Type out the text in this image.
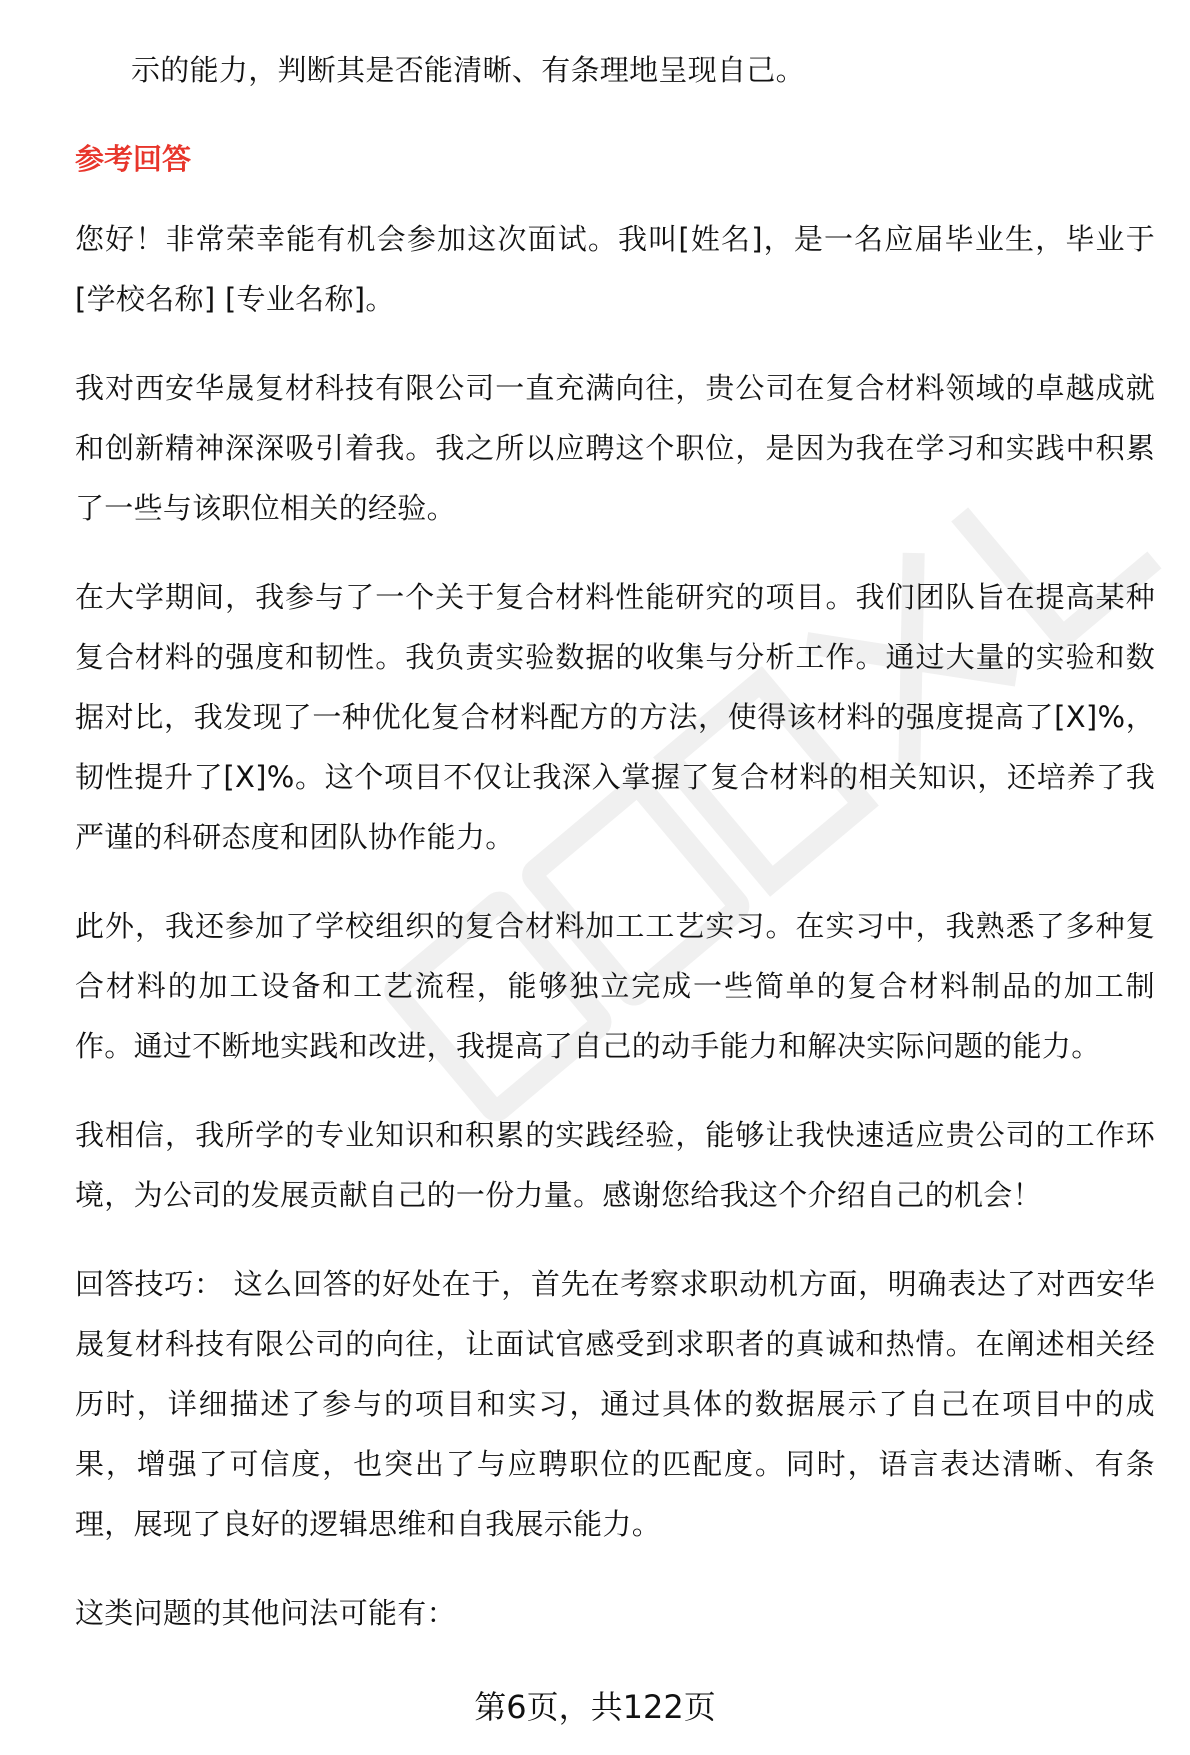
示的能力，判断其是否能清晰、有条理地呈现自己。

参考回答

您好！非常荣幸能有机会参加这次面试。我叫[姓名]，是一名应届毕业生，毕业于[学校名称] [专业名称]。

我对西安华晟复材科技有限公司一直充满向往，贵公司在复合材料领域的卓越成就和创新精神深深吸引着我。我之所以应聘这个职位，是因为我在学习和实践中积累了一些与该职位相关的经验。

在大学期间，我参与了一个关于复合材料性能研究的项目。我们团队旨在提高某种复合材料的强度和韧性。我负责实验数据的收集与分析工作。通过大量的实验和数据对比，我发现了一种优化复合材料配方的方法，使得该材料的强度提高了[X]%，韧性提升了[X]%。这个项目不仅让我深入掌握了复合材料的相关知识，还培养了我严谨的科研态度和团队协作能力。

此外，我还参加了学校组织的复合材料加工工艺实习。在实习中，我熟悉了多种复合材料的加工设备和工艺流程，能够独立完成一些简单的复合材料制品的加工制作。通过不断地实践和改进，我提高了自己的动手能力和解决实际问题的能力。

我相信，我所学的专业知识和积累的实践经验，能够让我快速适应贵公司的工作环境，为公司的发展贡献自己的一份力量。感谢您给我这个介绍自己的机会！

回答技巧： 这么回答的好处在于，首先在考察求职动机方面，明确表达了对西安华晟复材科技有限公司的向往，让面试官感受到求职者的真诚和热情。在阐述相关经历时，详细描述了参与的项目和实习，通过具体的数据展示了自己在项目中的成果，增强了可信度，也突出了与应聘职位的匹配度。同时，语言表达清晰、有条理，展现了良好的逻辑思维和自我展示能力。

这类问题的其他问法可能有：

第6页，共122页
